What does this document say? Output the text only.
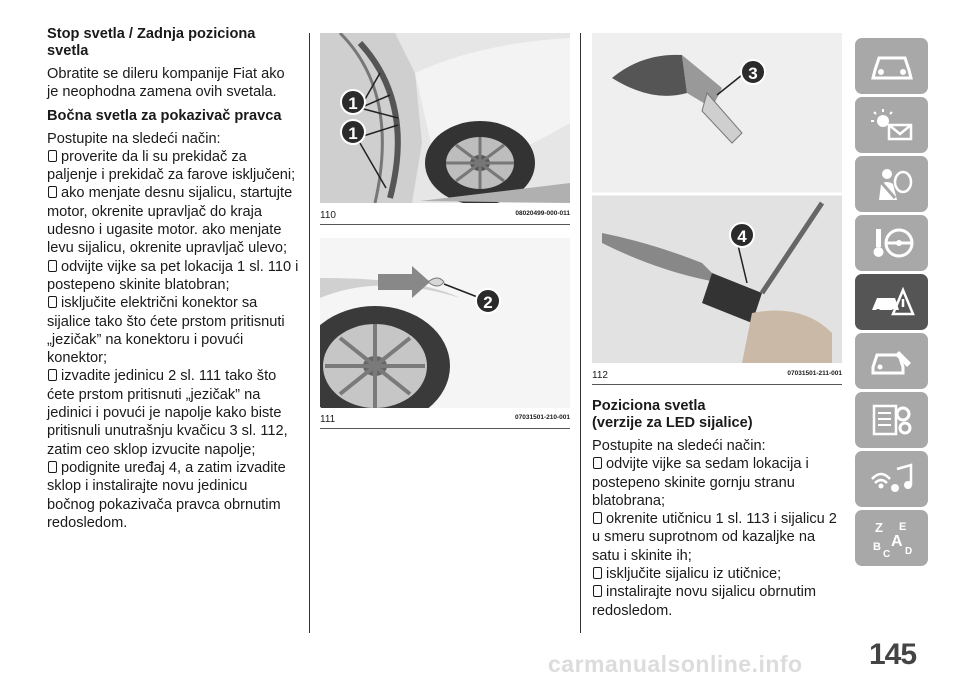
Stop svetla / Zadnja poziciona svetla
Obratite se dileru kompanije Fiat ako je neophodna zamena ovih svetala.
Bočna svetla za pokazivač pravca
Postupite na sledeći način:
proverite da li su prekidač za paljenje i prekidač za farove isključeni;
ako menjate desnu sijalicu, startujte motor, okrenite upravljač do kraja udesno i ugasite motor. ako menjate levu sijalicu, okrenite upravljač ulevo;
odvijte vijke sa pet lokacija 1 sl. 110 i postepeno skinite blatobran;
isključite električni konektor sa sijalice tako što ćete prstom pritisnuti „jezičak” na konektoru i povući konektor;
izvadite jedinicu 2 sl. 111 tako što ćete prstom pritisnuti „jezičak” na jedinici i povući je napolje kako biste pritisnuli unutrašnju kvačicu 3 sl. 112, zatim ceo sklop izvucite napolje;
podignite uređaj 4, a zatim izvadite sklop i instalirajte novu jedinicu bočnog pokazivača pravca obrnutim redosledom.
1
1
110	08020499-000-011
2
111	07031501-210-001
3
4
112	07031501-211-001
Poziciona svetla
(verzije za LED sijalice)
Postupite na sledeći način:
odvijte vijke sa sedam lokacija i postepeno skinite gornju stranu blatobrana;
okrenite utičnicu 1 sl. 113 i sijalicu 2 u smeru suprotnom od kazaljke na satu i skinite ih;
isključite sijalicu iz utičnice;
instalirajte novu sijalicu obrnutim redosledom.
Z E
B A
C D
145
carmanualsonline.info
